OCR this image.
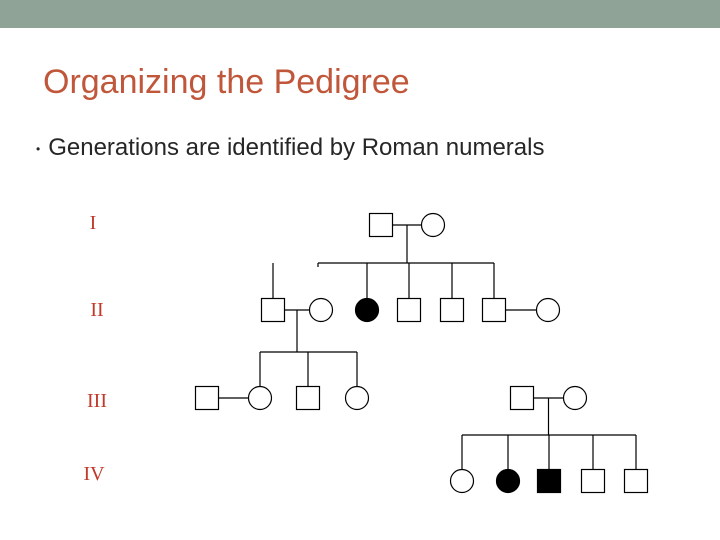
Organizing the Pedigree
• Generations are identified by Roman numerals
I
II
III
IV
